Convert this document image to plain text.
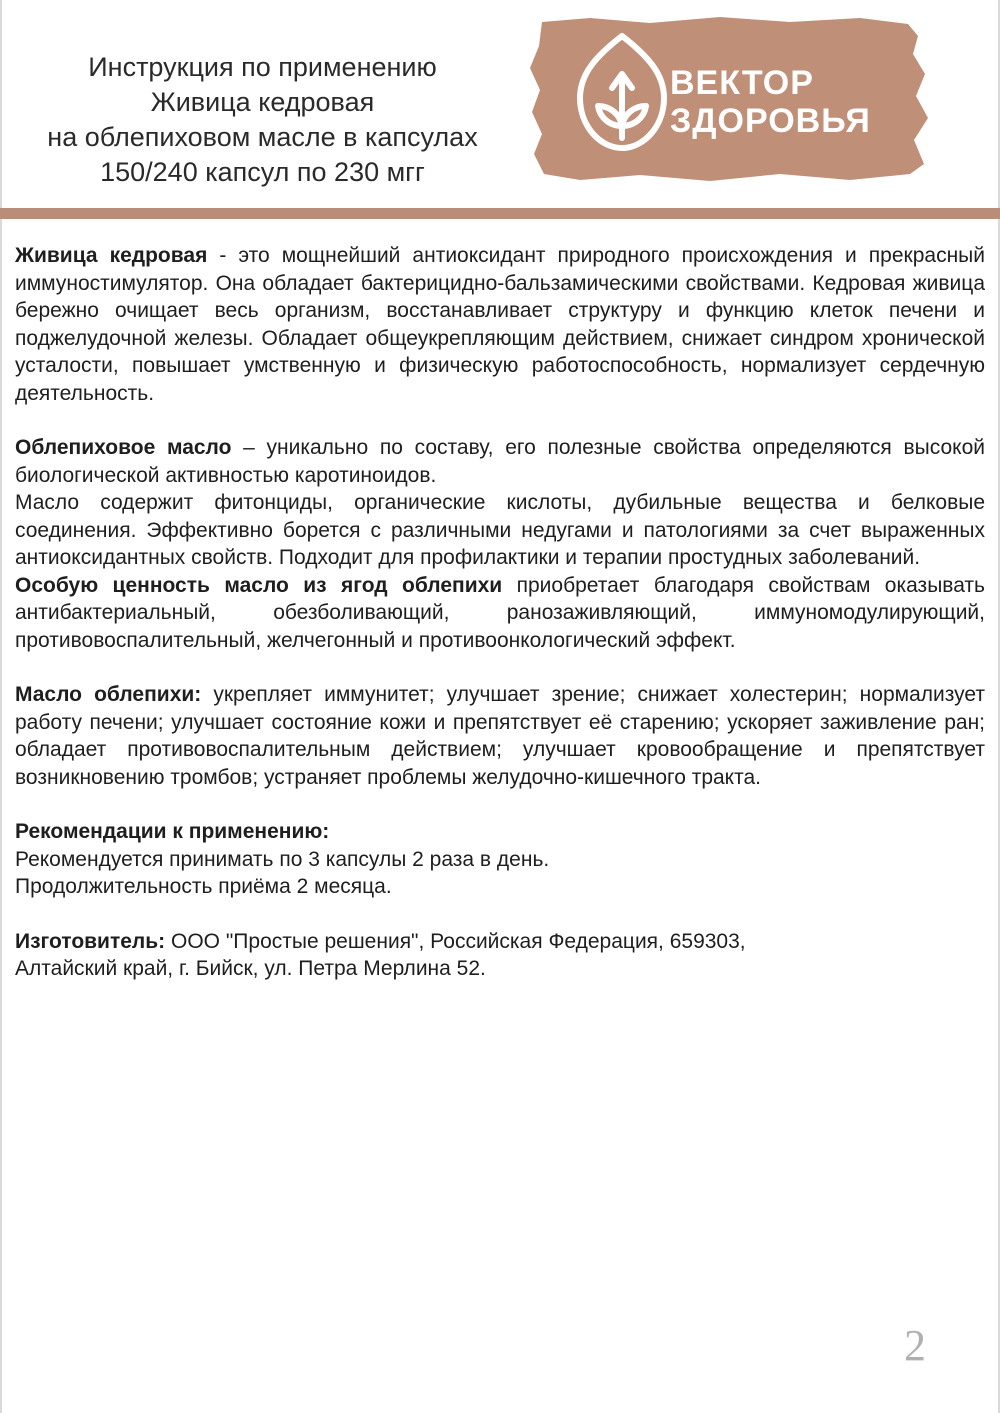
Инструкция по применению
Живица кедровая
на облепиховом масле в капсулах
150/240 капсул по 230 мгг
ВЕКТОР
ЗДОРОВЬЯ

Живица кедровая - это мощнейший антиоксидант природного происхождения и прекрасный иммуностимулятор. Она обладает бактерицидно-бальзамическими свойствами. Кедровая живица бережно очищает весь организм, восстанавливает структуру и функцию клеток печени и поджелудочной железы. Обладает общеукрепляющим действием, снижает синдром хронической усталости, повышает умственную и физическую работоспособность, нормализует сердечную деятельность.

Облепиховое масло – уникально по составу, его полезные свойства определяются высокой биологической активностью каротиноидов.

Масло содержит фитонциды, органические кислоты, дубильные вещества и белковые соединения. Эффективно борется с различными недугами и патологиями за счет выраженных антиоксидантных свойств. Подходит для профилактики и терапии простудных заболеваний.

Особую ценность масло из ягод облепихи приобретает благодаря свойствам оказывать антибактериальный, обезболивающий, ранозаживляющий, иммуномодулирующий, противовоспалительный, желчегонный и противоонкологический эффект.

Масло облепихи: укрепляет иммунитет; улучшает зрение; снижает холестерин; нормализует работу печени; улучшает состояние кожи и препятствует её старению; ускоряет заживление ран; обладает противовоспалительным действием; улучшает кровообращение и препятствует возникновению тромбов; устраняет проблемы желудочно-кишечного тракта.

Рекомендации к применению:

Рекомендуется принимать по 3 капсулы 2 раза в день.

Продолжительность приёма 2 месяца.

Изготовитель: ООО "Простые решения", Российская Федерация, 659303,

Алтайский край, г. Бийск, ул. Петра Мерлина 52.

2
